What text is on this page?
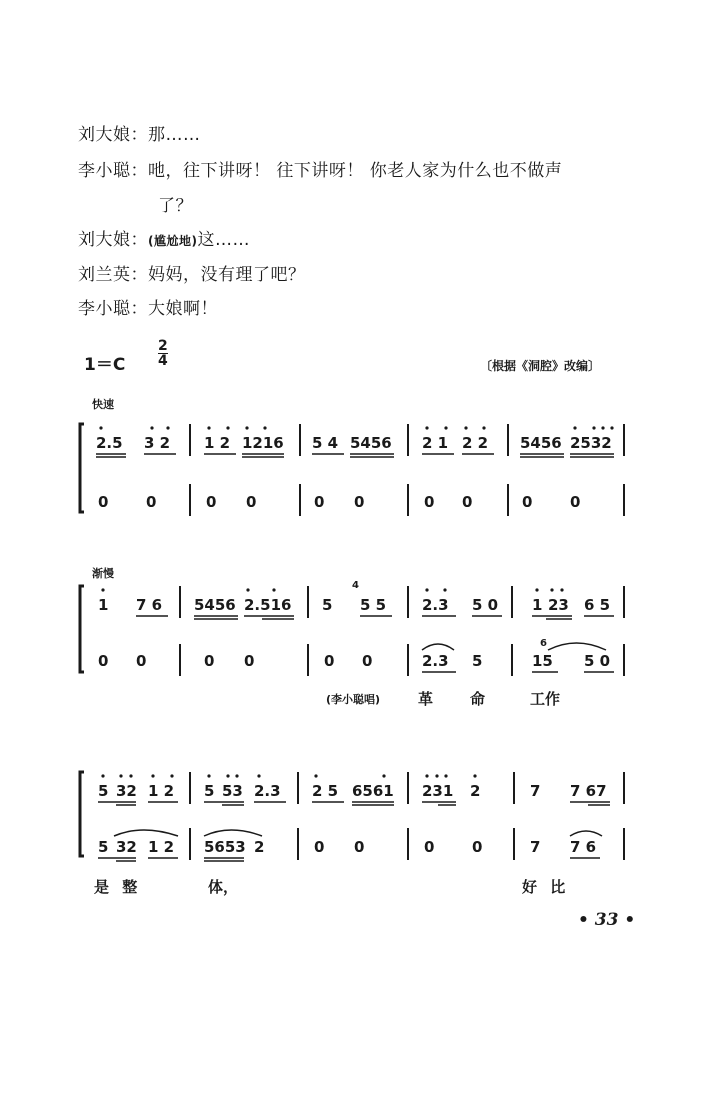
刘大娘：那……
李小聪：吔，往下讲呀！ 往下讲呀！ 你老人家为什么也不做声
了？
刘大娘：(尴尬地)这……
刘兰英：妈妈，没有理了吧？
李小聪：大娘啊！
$1=C \frac{2}{4}$	〔根据《洞腔》改编〕
快速
渐慢
2.5 3 2 1 2 1216 5 4 5456 2 1 2 2 5456 2532
0	0	0 0	0 0	0 0	0	0
1 7 6 5456 2.516 5
4
5 5 2.3 5 0 1 23 6 5
0 0	0 0	0 0	2.3 5
6
15 5 0
5 32 1 2 5 53 2.3 2 5 6561 231 2	7 7 67
5 32 1 2 5653 2	0 0	0	0	7 7 6
(李小聪唱)	革 命	工作
是 整	体，	好 比
• 33 •
